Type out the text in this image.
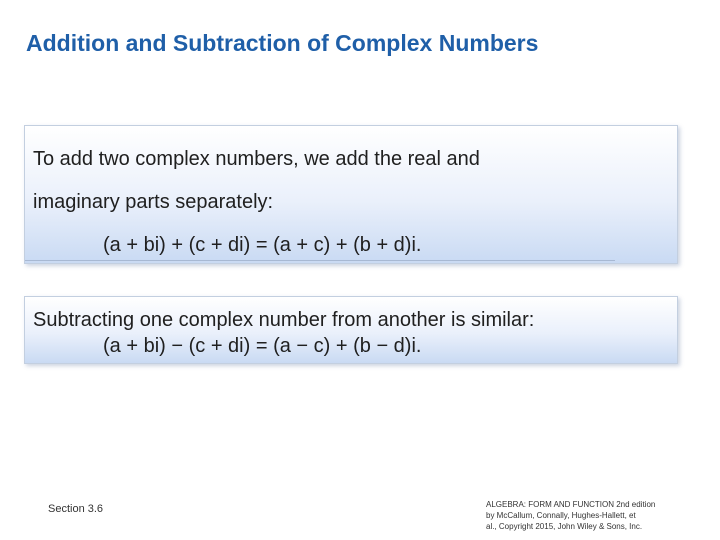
Addition and Subtraction of Complex Numbers
To add two complex numbers, we add the real and
imaginary parts separately:
(a + bi) + (c + di) = (a + c) + (b + d)i.
Subtracting one complex number from another is similar:
(a + bi) − (c + di) = (a − c) + (b − d)i.
Section 3.6	ALGEBRA: FORM AND FUNCTION 2nd edition
by McCallum, Connally, Hughes-Hallett, et
al., Copyright 2015, John Wiley & Sons, Inc.
